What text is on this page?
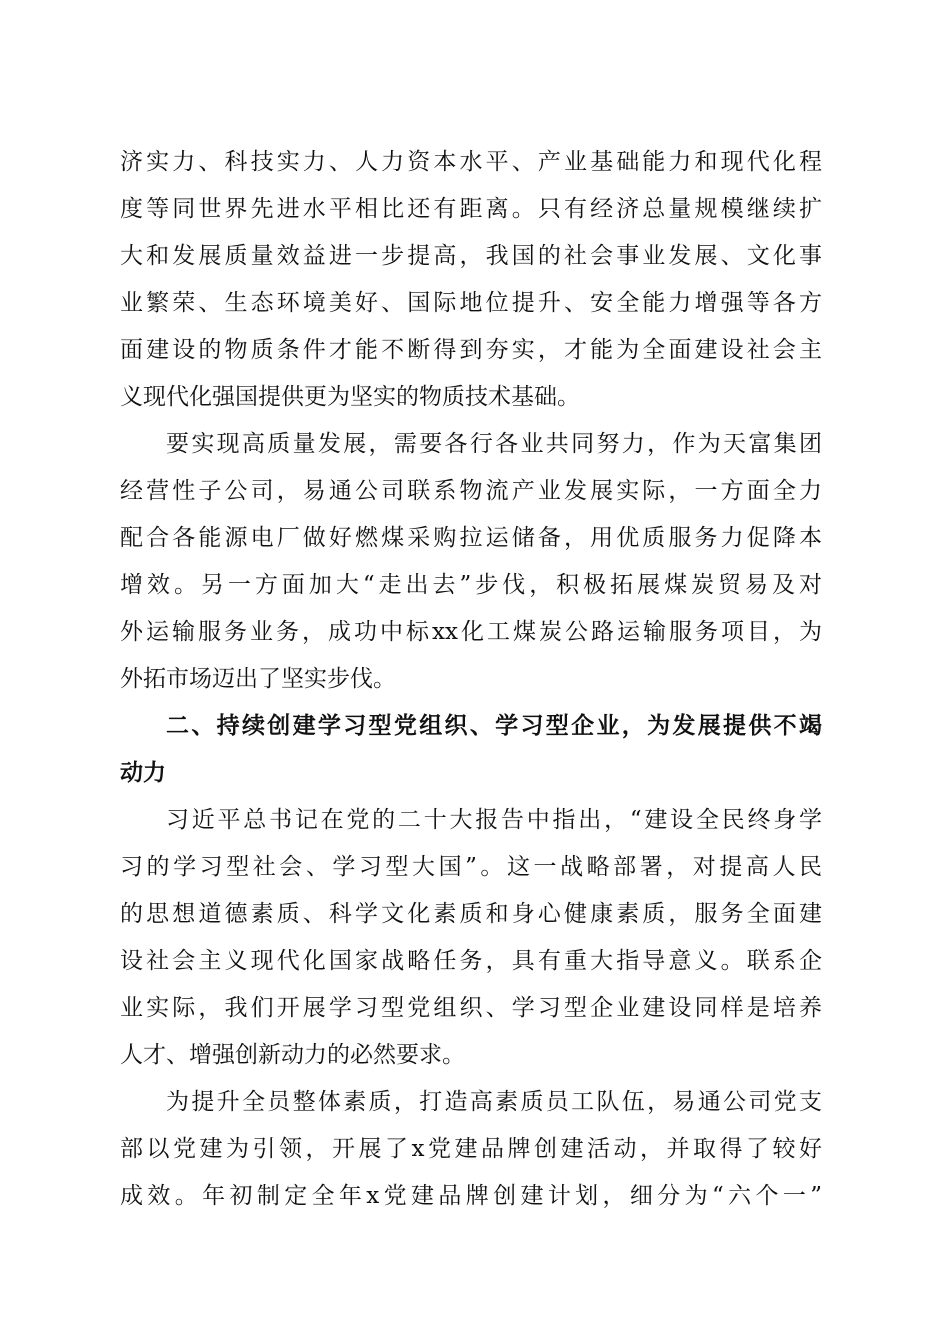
济实力、科技实力、人力资本水平、产业基础能力和现代化程
度等同世界先进水平相比还有距离。只有经济总量规模继续扩
大和发展质量效益进一步提高，我国的社会事业发展、文化事
业繁荣、生态环境美好、国际地位提升、安全能力增强等各方
面建设的物质条件才能不断得到夯实，才能为全面建设社会主
义现代化强国提供更为坚实的物质技术基础。
要实现高质量发展，需要各行各业共同努力，作为天富集团
经营性子公司，易通公司联系物流产业发展实际，一方面全力
配合各能源电厂做好燃煤采购拉运储备，用优质服务力促降本
增效。另一方面加大“走出去”步伐，积极拓展煤炭贸易及对
外运输服务业务，成功中标xx化工煤炭公路运输服务项目，为
外拓市场迈出了坚实步伐。
二、持续创建学习型党组织、学习型企业，为发展提供不竭
动力
习近平总书记在党的二十大报告中指出，“建设全民终身学
习的学习型社会、学习型大国”。这一战略部署，对提高人民
的思想道德素质、科学文化素质和身心健康素质，服务全面建
设社会主义现代化国家战略任务，具有重大指导意义。联系企
业实际，我们开展学习型党组织、学习型企业建设同样是培养
人才、增强创新动力的必然要求。
为提升全员整体素质，打造高素质员工队伍，易通公司党支
部以党建为引领，开展了x党建品牌创建活动，并取得了较好
成效。年初制定全年x党建品牌创建计划，细分为“六个一”
